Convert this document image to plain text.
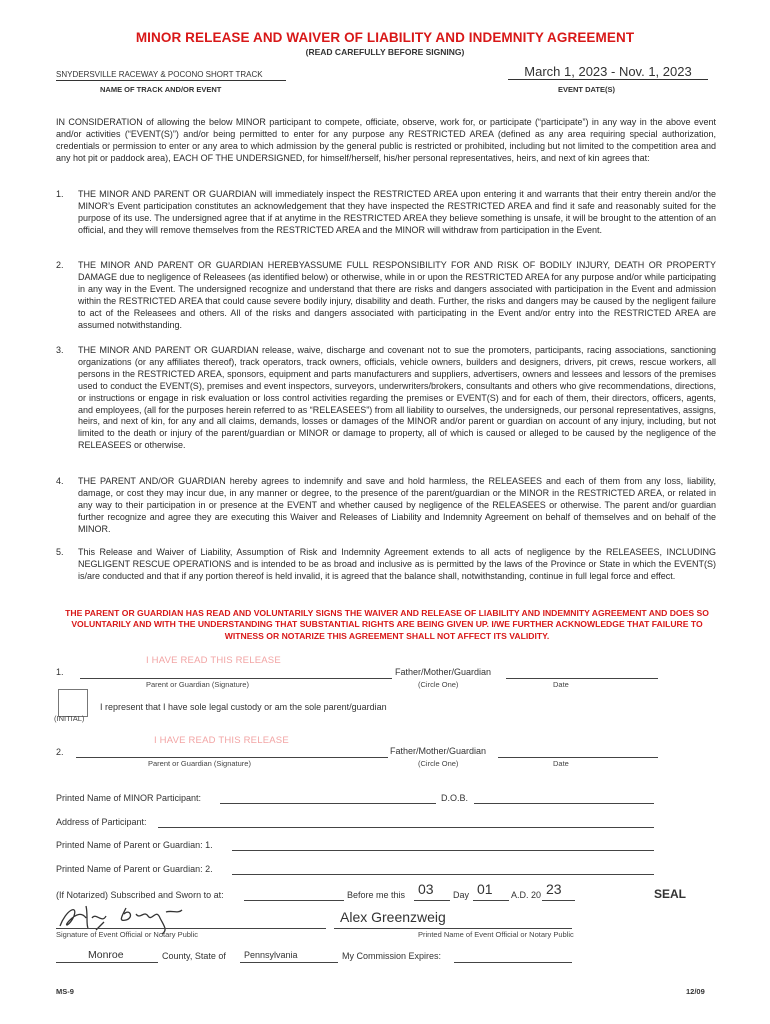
MINOR RELEASE AND WAIVER OF LIABILITY AND INDEMNITY AGREEMENT
(READ CAREFULLY BEFORE SIGNING)
SNYDERSVILLE RACEWAY & POCONO SHORT TRACK
NAME OF TRACK AND/OR EVENT
March 1, 2023 - Nov. 1, 2023
EVENT DATE(S)
IN CONSIDERATION of allowing the below MINOR participant to compete, officiate, observe, work for, or participate (“participate”) in any way in the above event and/or activities (“EVENT(S)”) and/or being permitted to enter for any purpose any RESTRICTED AREA (defined as any area requiring special authorization, credentials or permission to enter or any area to which admission by the general public is restricted or prohibited, including but not limited to the competition area and any hot pit or paddock area), EACH OF THE UNDERSIGNED, for himself/herself, his/her personal representatives, heirs, and next of kin agrees that:
1.	THE MINOR AND PARENT OR GUARDIAN will immediately inspect the RESTRICTED AREA upon entering it and warrants that their entry therein and/or the MINOR’s Event participation constitutes an acknowledgement that they have inspected the RESTRICTED AREA and find it safe and reasonably suited for the purpose of its use. The undersigned agree that if at anytime in the RESTRICTED AREA they believe something is unsafe, it will be brought to the attention of an official, and they will remove themselves from the RESTRICTED AREA and the MINOR will withdraw from participation in the Event.
2.	THE MINOR AND PARENT OR GUARDIAN HEREBYASSUME FULL RESPONSIBILITY FOR AND RISK OF BODILY INJURY, DEATH OR PROPERTY DAMAGE due to negligence of Releasees (as identified below) or otherwise, while in or upon the RESTRICTED AREA for any purpose and/or while participating in any way in the Event. The undersigned recognize and understand that there are risks and dangers associated with participation in the Event and admission within the RESTRICTED AREA that could cause severe bodily injury, disability and death. Further, the risks and dangers may be caused by the negligent failure to act of the Releasees and others. All of the risks and dangers associated with participating in the Event and/or entry into the RESTRICTED AREA are assumed notwithstanding.
3.	THE MINOR AND PARENT OR GUARDIAN release, waive, discharge and covenant not to sue the promoters, participants, racing associations, sanctioning organizations (or any affiliates thereof), track operators, track owners, officials, vehicle owners, builders and designers, drivers, pit crews, rescue workers, all persons in the RESTRICTED AREA, sponsors, equipment and parts manufacturers and suppliers, advertisers, owners and lessees and lessors of the premises used to conduct the EVENT(S), premises and event inspectors, surveyors, underwriters/brokers, consultants and others who give recommendations, directions, or instructions or engage in risk evaluation or loss control activities regarding the premises or EVENT(S) and for each of them, their directors, officers, agents, and employees, (all for the purposes herein referred to as “RELEASEES”) from all liability to ourselves, the undersigneds, our personal representatives, assigns, heirs, and next of kin, for any and all claims, demands, losses or damages of the MINOR and/or parent or guardian on account of any injury, including, but not limited to the death or injury of the parent/guardian or MINOR or damage to property, all of which is caused or alleged to be caused by the negligence of the RELEASEES or otherwise.
4.	THE PARENT AND/OR GUARDIAN hereby agrees to indemnify and save and hold harmless, the RELEASEES and each of them from any loss, liability, damage, or cost they may incur due, in any manner or degree, to the presence of the parent/guardian or the MINOR in the RESTRICTED AREA, or related in any way to their participation in or presence at the EVENT and whether caused by negligence of the RELEASEES or otherwise. The parent and/or guardian further recognize and agree they are executing this Waiver and Releases of Liability and Indemnity Agreement on behalf of themselves and on behalf of the MINOR.
5.	This Release and Waiver of Liability, Assumption of Risk and Indemnity Agreement extends to all acts of negligence by the RELEASEES, INCLUDING NEGLIGENT RESCUE OPERATIONS and is intended to be as broad and inclusive as is permitted by the laws of the Province or State in which the EVENT(S) is/are conducted and that if any portion thereof is held invalid, it is agreed that the balance shall, notwithstanding, continue in full legal force and effect.
THE PARENT OR GUARDIAN HAS READ AND VOLUNTARILY SIGNS THE WAIVER AND RELEASE OF LIABILITY AND INDEMNITY AGREEMENT AND DOES SO VOLUNTARILY AND WITH THE UNDERSTANDING THAT SUBSTANTIAL RIGHTS ARE BEING GIVEN UP. I/WE FURTHER ACKNOWLEDGE THAT FAILURE TO WITNESS OR NOTARIZE THIS AGREEMENT SHALL NOT AFFECT ITS VALIDITY.
I HAVE READ THIS RELEASE
1.	Father/Mother/Guardian
Parent or Guardian (Signature)	(Circle One)	Date
I represent that I have sole legal custody or am the sole parent/guardian
(INITIAL)
I HAVE READ THIS RELEASE
2.	Father/Mother/Guardian
Parent or Guardian (Signature)	(Circle One)	Date
Printed Name of MINOR Participant:	D.O.B.
Address of Participant:
Printed Name of Parent or Guardian: 1.
Printed Name of Parent or Guardian: 2.
(If Notarized) Subscribed and Sworn to at:	Before me this 03 Day 01 A.D. 20 23	SEAL
Alex Greenzweig
Signature of Event Official or Notary Public	Printed Name of Event Official or Notary Public
Monroe	County, State of Pennsylvania	My Commission Expires:
MS-9	12/09
